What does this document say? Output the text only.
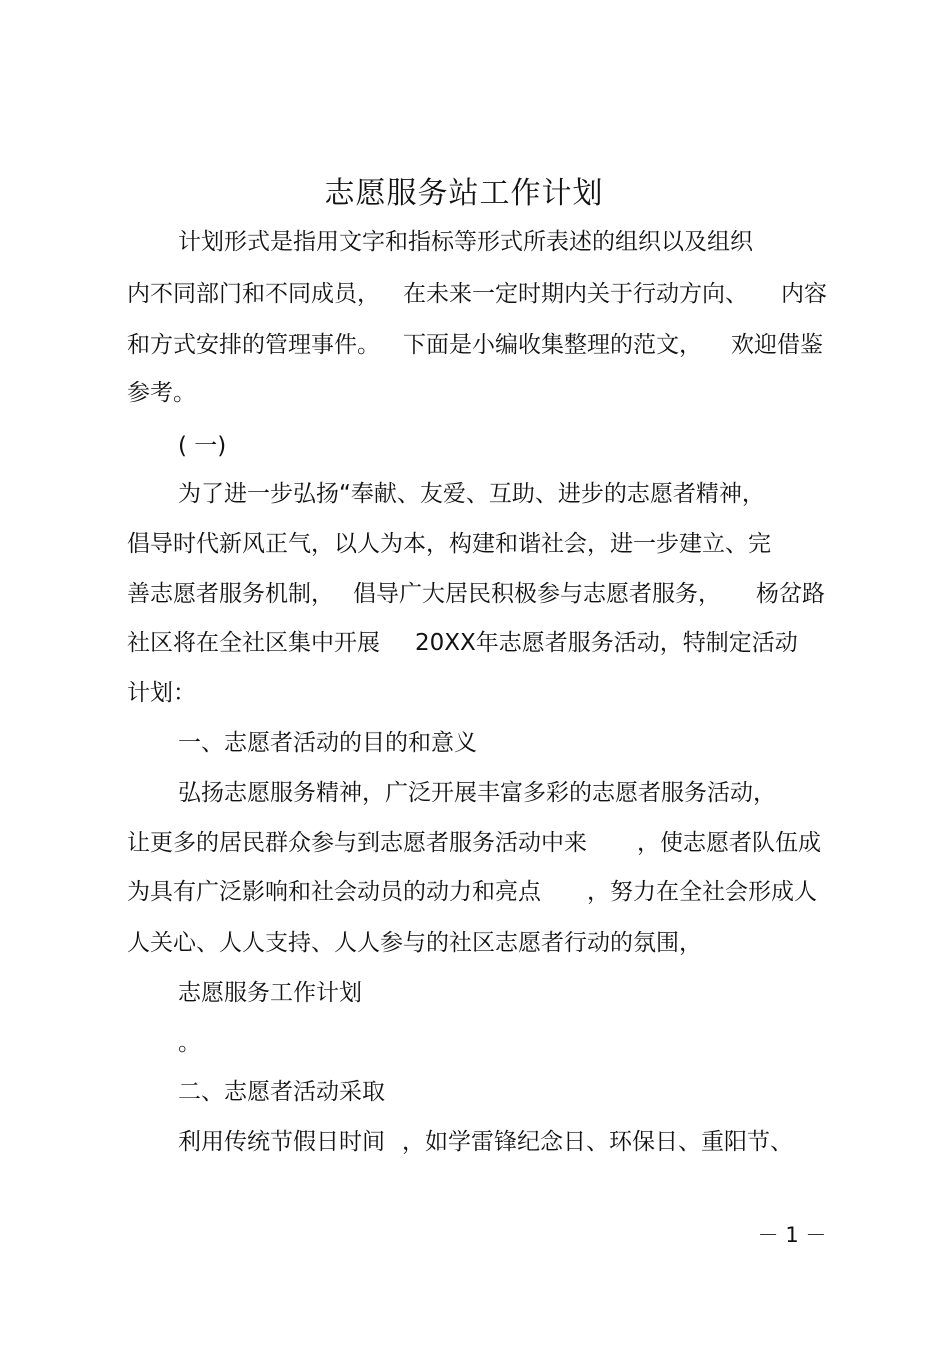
志愿服务站工作计划
计划形式是指用文字和指标等形式所表述的组织以及组织
内不同部门和不同成员， 在未来一定时期内关于行动方向、 内容
和方式安排的管理事件。 下面是小编收集整理的范文， 欢迎借鉴
参考。
( 一)
为了进一步弘扬“奉献、友爱、互助、进步的志愿者精神，
倡导时代新风正气，以人为本，构建和谐社会，进一步建立、完
善志愿者服务机制， 倡导广大居民积极参与志愿者服务， 杨岔路
社区将在全社区集中开展 20XX年志愿者服务活动，特制定活动
计划：
一、志愿者活动的目的和意义
弘扬志愿服务精神，广泛开展丰富多彩的志愿者服务活动，
让更多的居民群众参与到志愿者服务活动中来 ，使志愿者队伍成
为具有广泛影响和社会动员的动力和亮点 ，努力在全社会形成人
人关心、人人支持、人人参与的社区志愿者行动的氛围，
志愿服务工作计划
。
二、志愿者活动采取
利用传统节假日时间 ，如学雷锋纪念日、环保日、重阳节、
－ 1 －
